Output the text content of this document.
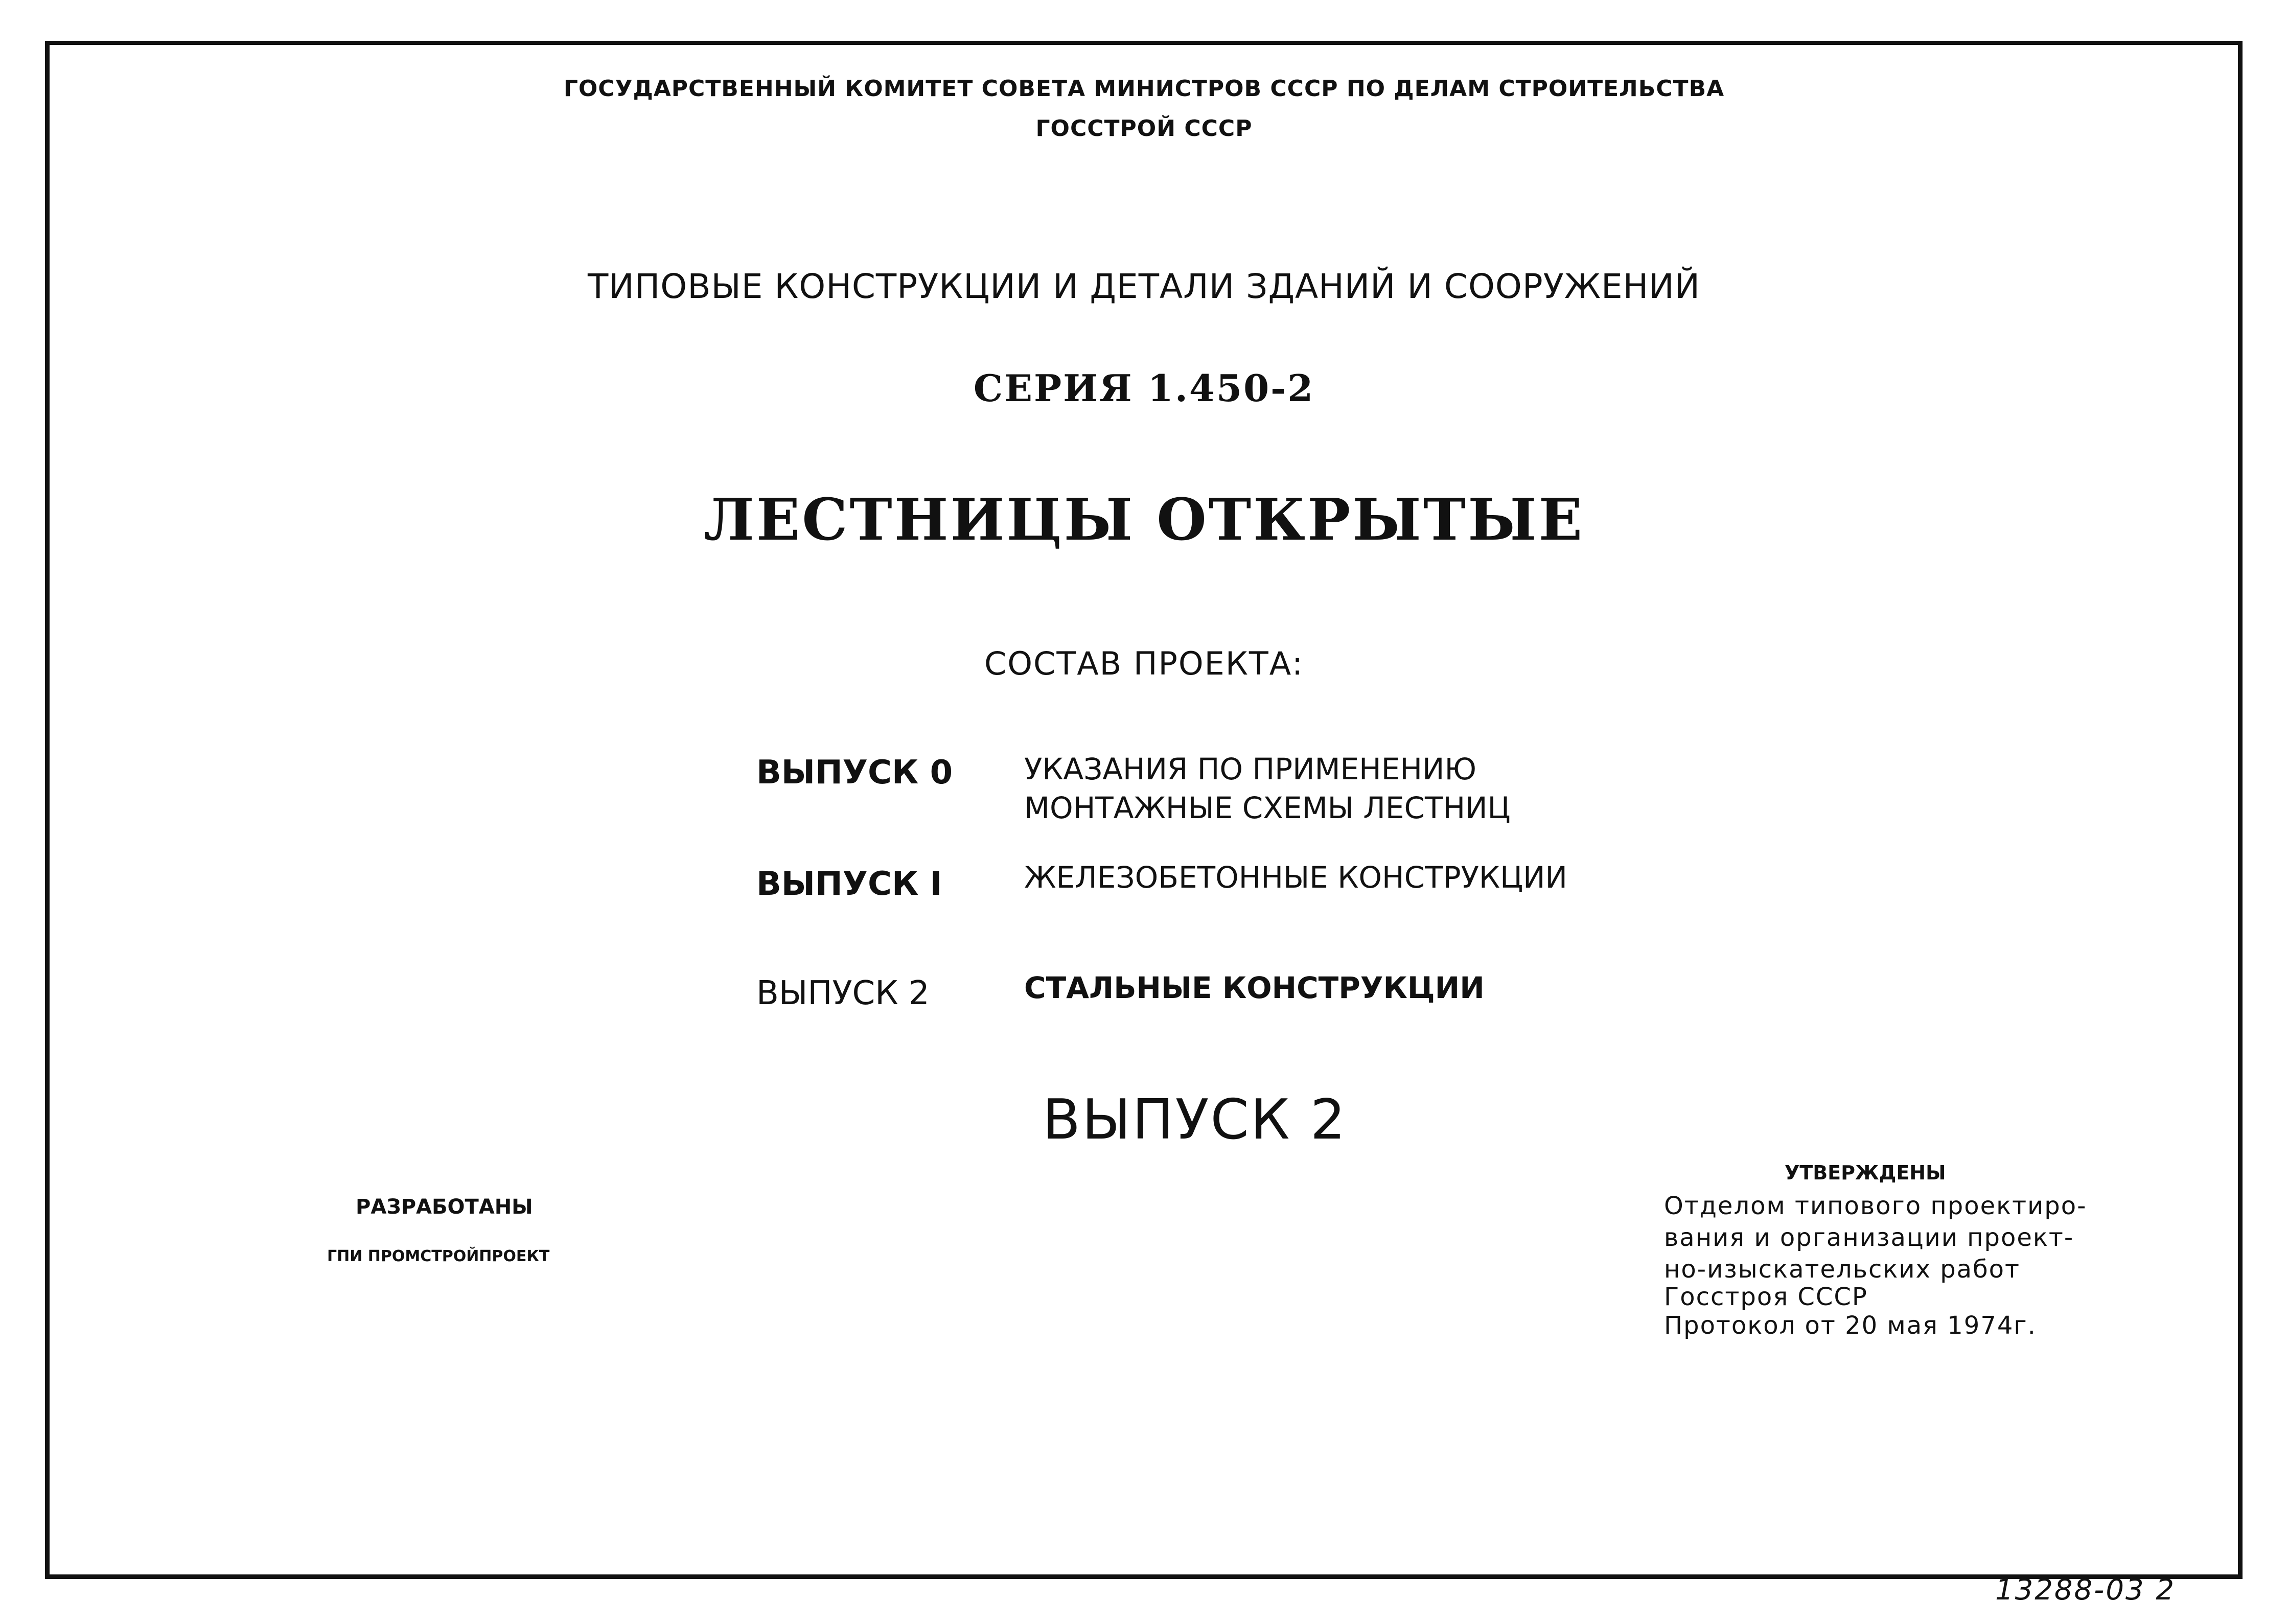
ГОСУДАРСТВЕННЫЙ КОМИТЕТ СОВЕТА МИНИСТРОВ СССР ПО ДЕЛАМ СТРОИТЕЛЬСТВА
ГОССТРОЙ СССР
ТИПОВЫЕ КОНСТРУКЦИИ И ДЕТАЛИ ЗДАНИЙ И СООРУЖЕНИЙ
СЕРИЯ 1.450-2
ЛЕСТНИЦЫ ОТКРЫТЫЕ
СОСТАВ ПРОЕКТА:
ВЫПУСК 0 УКАЗАНИЯ ПО ПРИМЕНЕНИЮ
МОНТАЖНЫЕ СХЕМЫ ЛЕСТНИЦ
ВЫПУСК I	ЖЕЛЕЗОБЕТОННЫЕ КОНСТРУКЦИИ
ВЫПУСК 2	СТАЛЬНЫЕ КОНСТРУКЦИИ
ВЫПУСК 2
РАЗРАБОТАНЫ
ГПИ ПРОМСТРОЙПРОЕКТ
УТВЕРЖДЕНЫ
Отделом типового проектиро-
вания и организации проект-
но-изыскательских работ
Госстроя СССР
Протокол от 20 мая 1974г.
13288-03 2
